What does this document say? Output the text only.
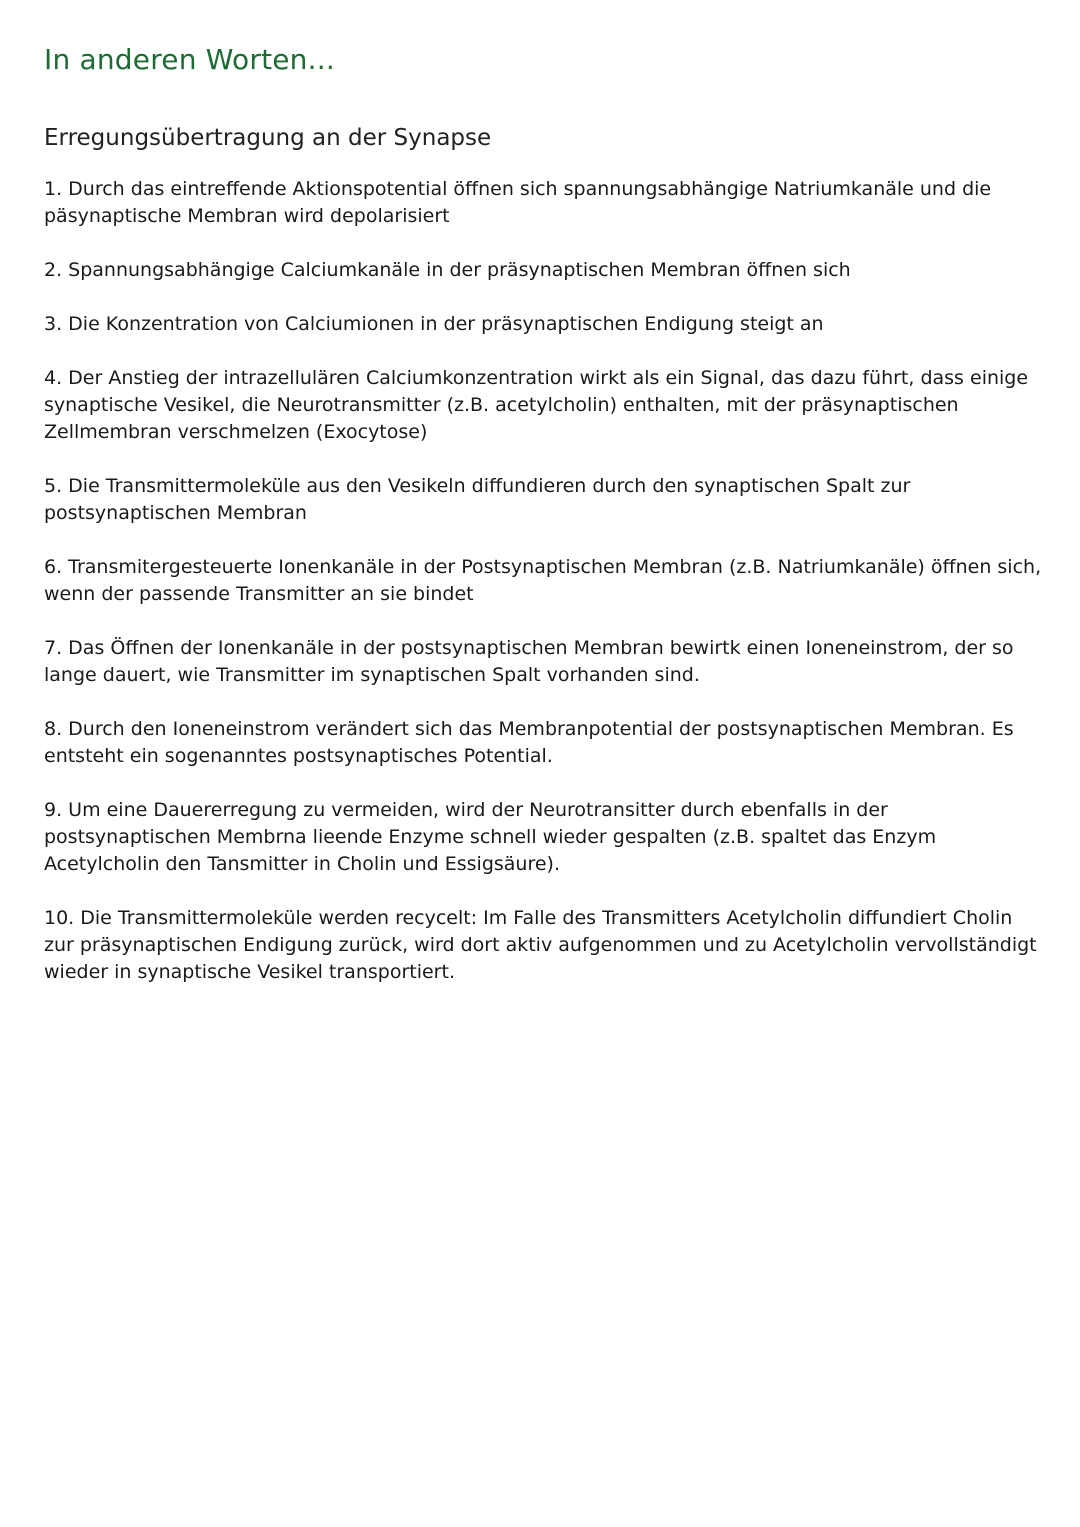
In anderen Worten...
Erregungsübertragung an der Synapse
1. Durch das eintreffende Aktionspotential öffnen sich spannungsabhängige Natriumkanäle und die päsynaptische Membran wird depolarisiert
2. Spannungsabhängige Calciumkanäle in der präsynaptischen Membran öffnen sich
3. Die Konzentration von Calciumionen in der präsynaptischen Endigung steigt an
4. Der Anstieg der intrazellulären Calciumkonzentration wirkt als ein Signal, das dazu führt, dass einige synaptische Vesikel, die Neurotransmitter (z.B. acetylcholin) enthalten, mit der präsynaptischen Zellmembran verschmelzen (Exocytose)
5. Die Transmittermoleküle aus den Vesikeln diffundieren durch den synaptischen Spalt zur postsynaptischen Membran
6. Transmitergesteuerte Ionenkanäle in der Postsynaptischen Membran (z.B. Natriumkanäle) öffnen sich, wenn der passende Transmitter an sie bindet
7. Das Öffnen der Ionenkanäle in der postsynaptischen Membran bewirtk einen Ioneneinstrom, der so lange dauert, wie Transmitter im synaptischen Spalt vorhanden sind.
8. Durch den Ioneneinstrom verändert sich das Membranpotential der postsynaptischen Membran. Es entsteht ein sogenanntes postsynaptisches Potential.
9. Um eine Dauererregung zu vermeiden, wird der Neurotransitter durch ebenfalls in der postsynaptischen Membrna lieende Enzyme schnell wieder gespalten (z.B. spaltet das Enzym Acetylcholin den Tansmitter in Cholin und Essigsäure).
10. Die Transmittermoleküle werden recycelt: Im Falle des Transmitters Acetylcholin diffundiert Cholin zur präsynaptischen Endigung zurück, wird dort aktiv aufgenommen und zu Acetylcholin vervollständigt wieder in synaptische Vesikel transportiert.
